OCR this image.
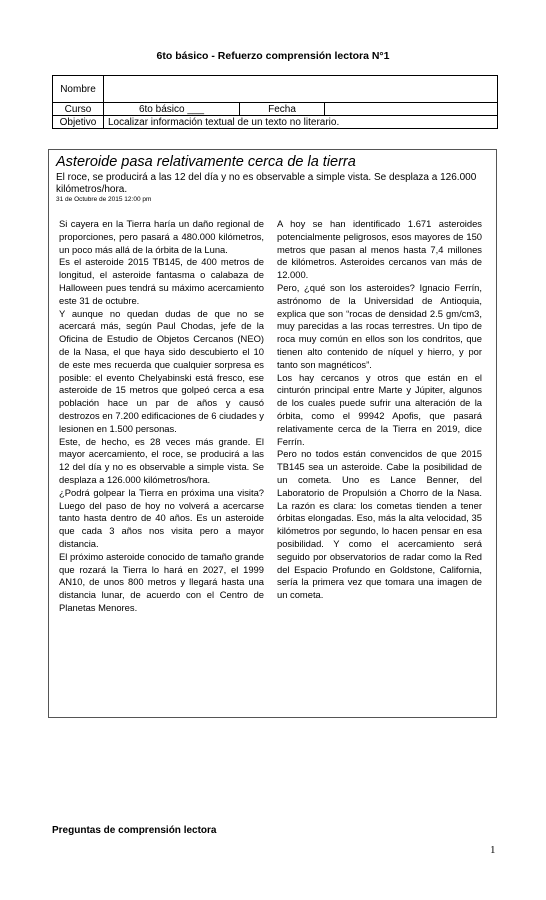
6to básico - Refuerzo comprensión lectora N°1
Nombre			
Curso	6to básico ___	Fecha	
Objetivo	Localizar información textual de un texto no literario.		
Asteroide pasa relativamente cerca de la tierra
El roce, se producirá a las 12 del día y no es observable a simple vista. Se desplaza a 126.000 kilómetros/hora.
31 de Octubre de 2015 12:00 pm

Si cayera en la Tierra haría un daño regional de proporciones, pero pasará a 480.000 kilómetros, un poco más allá de la órbita de la Luna.

Es el asteroide 2015 TB145, de 400 metros de longitud, el asteroide fantasma o calabaza de Halloween pues tendrá su máximo acercamiento este 31 de octubre.

Y aunque no quedan dudas de que no se acercará más, según Paul Chodas, jefe de la Oficina de Estudio de Objetos Cercanos (NEO) de la Nasa, el que haya sido descubierto el 10 de este mes recuerda que cualquier sorpresa es posible: el evento Chelyabinski está fresco, ese asteroide de 15 metros que golpeó cerca a esa población hace un par de años y causó destrozos en 7.200 edificaciones de 6 ciudades y lesionen en 1.500 personas.

Este, de hecho, es 28 veces más grande. El mayor acercamiento, el roce, se producirá a las 12 del día y no es observable a simple vista. Se desplaza a 126.000 kilómetros/hora.

¿Podrá golpear la Tierra en próxima una visita? Luego del paso de hoy no volverá a acercarse tanto hasta dentro de 40 años. Es un asteroide que cada 3 años nos visita pero a mayor distancia.

El próximo asteroide conocido de tamaño grande que rozará la Tierra lo hará en 2027, el 1999 AN10, de unos 800 metros y llegará hasta una distancia lunar, de acuerdo con el Centro de Planetas Menores.

A hoy se han identificado 1.671 asteroides potencialmente peligrosos, esos mayores de 150 metros que pasan al menos hasta 7,4 millones de kilómetros. Asteroides cercanos van más de 12.000.

Pero, ¿qué son los asteroides? Ignacio Ferrín, astrónomo de la Universidad de Antioquia, explica que son “rocas de densidad 2.5 gm/cm3, muy parecidas a las rocas terrestres. Un tipo de roca muy común en ellos son los condritos, que tienen alto contenido de níquel y hierro, y por tanto son magnéticos”.

Los hay cercanos y otros que están en el cinturón principal entre Marte y Júpiter, algunos de los cuales puede sufrir una alteración de la órbita, como el 99942 Apofis, que pasará relativamente cerca de la Tierra en 2019, dice Ferrín.

Pero no todos están convencidos de que 2015 TB145 sea un asteroide. Cabe la posibilidad de un cometa. Uno es Lance Benner, del Laboratorio de Propulsión a Chorro de la Nasa. La razón es clara: los cometas tienden a tener órbitas elongadas. Eso, más la alta velocidad, 35 kilómetros por segundo, lo hacen pensar en esa posibilidad. Y como el acercamiento será seguido por observatorios de radar como la Red del Espacio Profundo en Goldstone, California, sería la primera vez que tomara una imagen de un cometa.

Preguntas de comprensión lectora
1
